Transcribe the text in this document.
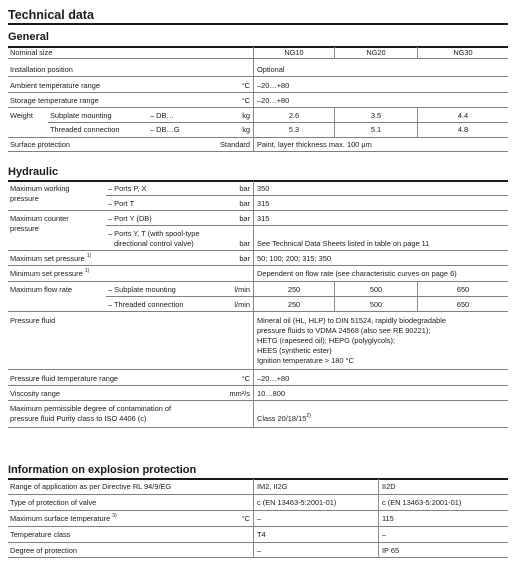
Technical data
General
Nominal size	NG10	NG20	NG30
Installation position	Optional
Ambient temperature range	°C –20…+80
Storage temperature range	°C –20…+80
Weight Subplate mounting	– DB…	kg	2.6	3.5	4.4
Threaded connection	– DB…G	kg	5.3	5.1	4.8
Surface protection	Standard Paint, layer thickness max. 100 µm
Hydraulic
Maximum working
pressure
– Ports P, X	bar 350
– Port T	bar 315
Maximum counter
pressure
– Port Y (DB)	bar 315
– Ports Y, T (with spool-type
directional control valve)	bar See Technical Data Sheets listed in table on page 11
Maximum set pressure $^{1)}$	bar 50; 100; 200; 315; 350
Minimum set pressure $^{1)}$	Dependent on flow rate (see characteristic curves on page 6)
Maximum flow rate	– Subplate mounting	l/min	250	500	650
– Threaded connection	l/min	250	500	650
Pressure fluid	Mineral oil (HL, HLP) to DIN 51524, rapidly biodegradable
pressure fluids to VDMA 24568 (also see RE 90221);
HETG (rapeseed oil); HEPG (polyglycols);
HEES (synthetic ester)
Ignition temperature > 180 °C
Pressure fluid temperature range	°C –20…+80
Viscosity range	mm²/s 10…800
Maximum permissible degree of contamination of
pressure fluid Purity class to ISO 4406 (c)	Class 20/18/15$^{2)}$
Information on explosion protection
Range of application as per Directive RL 94/9/EG	IM2, II2G	II2D
Type of protection of valve	c (EN 13463-5:2001-01)	c (EN 13463-5:2001-01)
Maximum surface temperature $^{3)}$	°C –	115
Temperature class	T4	–
Degree of protection	–	IP 65
